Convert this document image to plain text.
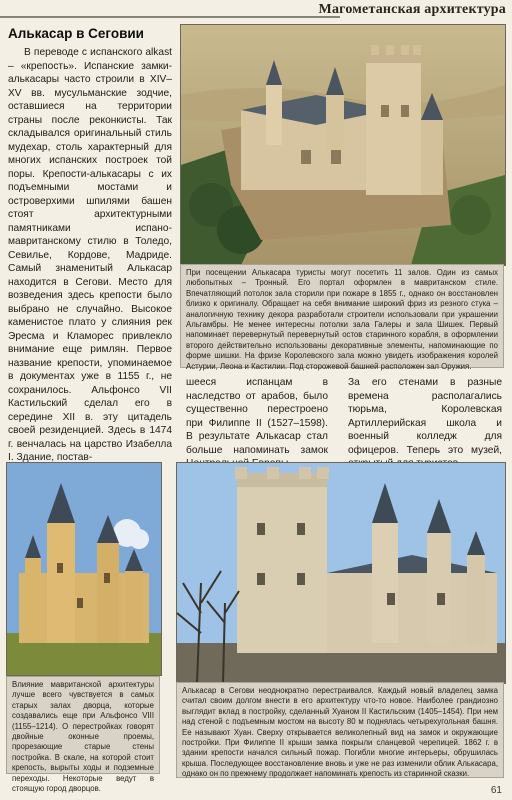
Магометанская архитектура
Алькасар в Сеговии

В переводе с испанского alkast – «крепость». Испанские замки-алькасары часто строили в XIV–XV вв. мусульманские зодчие, оставшиеся на территории страны после реконкисты. Так складывался оригинальный стиль мудехар, столь характерный для многих испанских построек той поры. Крепости-алькасары с их подъемными мостами и островерхими шпилями башен стоят архитектурными памятниками испано-мавританскому стилю в Толедо, Севилье, Кордове, Мадриде. Самый знаменитый Алькасар находится в Сегови. Место для возведения здесь крепости было выбрано не случайно. Высокое каменистое плато у слияния рек Эресма и Кламорес привлекло внимание еще римлян. Первое название крепости, упоминаемое в документах уже в 1155 г., не сохранилось. Альфонсо VII Кастильский сделал его в середине XII в. эту цитадель своей резиденцией. Здесь в 1474 г. венчалась на царство Изабелла I. Здание, постав-

При посещении Алькасара туристы могут посетить 11 залов. Один из самых любопытных – Тронный. Его портал оформлен в мавританском стиле. Впечатляющий потолок зала сторили при пожаре в 1855 г., однако он восстановлен близко к оригиналу. Обращает на себя внимание широкий фриз из резного стука – аналогичную технику декора разработали строители использовали при украшении Альгамбры. Не менее интересны потолки зала Галеры и зала Шишек. Первый напоминает перевернутый перевернутый остов старинного корабля, в оформлении второго действительно использованы декоративные элементы, напоминающие по форме шишки. На фризе Королевского зала можно увидеть изображения королей Астурии, Леона и Кастилии. Под сторожевой башней расположен зал Оружия.

шееся испанцам в наследство от арабов, было существенно перестроено при Филиппе II (1527–1598). В результате Алькасар стал больше напоминать замок

За его стенами в разные времена располагались тюрьма, Королевская Артиллерийская школа и военный колледж для офицеров. Теперь это музей,

Влияние мавританской архитектуры лучше всего чувствуется в самых старых залах дворца, которые создавались еще при Альфонсо VIII (1155–1214). О перестройках говорят двойные оконные проемы, прорезающие старые стены постройка. В скале, на которой стоит крепость, вырыты ходы и подземные переходы. Некоторые ведут в стоящую город дворцов.
Алькасар в Сегови неоднократно перестраивался. Каждый новый владелец замка считал своим долгом внести в его архитектуру что-то новое. Наиболее грандиозно выглядит вклад в постройку, сделанный Хуаном II Кастильским (1405–1454). При нем над стеной с подъемным мостом на высоту 80 м поднялась четырехугольная башня. Ее называют Хуан. Сверху открывается великолепный вид на замок и окружающие постройки. При Филиппе II крыши замка покрыли сланцевой черепицей. 1862 г. в здании крепости начался сильный пожар. Погибли многие интерьеры, обрушилась крыша. Последующее восстановление вновь и уже не раз изменили облик Алькасара, однако он по прежнему продолжает напоминать крепость из старинной сказки.
61
